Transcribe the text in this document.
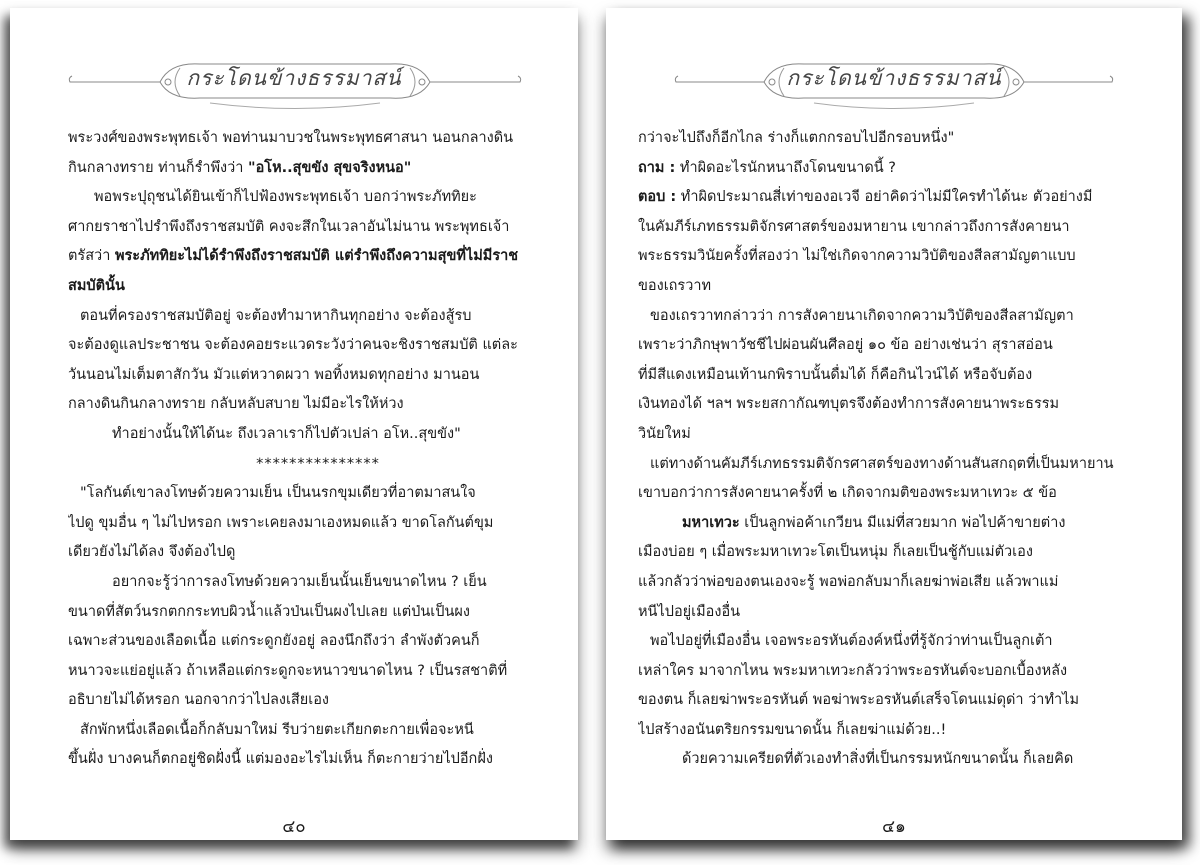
กระโดนข้างธรรมาสน์
พระวงศ์ของพระพุทธเจ้า พอท่านมาบวชในพระพุทธศาสนา นอนกลางดิน
กินกลางทราย ท่านก็รำพึงว่า "อโห..สุขขัง สุขจริงหนอ"
พอพระปุถุชนได้ยินเข้าก็ไปฟ้องพระพุทธเจ้า บอกว่าพระภัททิยะ
ศากยราชาไปรำพึงถึงราชสมบัติ คงจะสึกในเวลาอันไม่นาน พระพุทธเจ้า
ตรัสว่า พระภัททิยะไม่ได้รำพึงถึงราชสมบัติ แต่รำพึงถึงความสุขที่ไม่มีราช
สมบัตินั้น
ตอนที่ครองราชสมบัติอยู่ จะต้องทำมาหากินทุกอย่าง จะต้องสู้รบ
จะต้องดูแลประชาชน จะต้องคอยระแวดระวังว่าคนจะชิงราชสมบัติ แต่ละ
วันนอนไม่เต็มตาสักวัน มัวแต่หวาดผวา พอทิ้งหมดทุกอย่าง มานอน
กลางดินกินกลางทราย กลับหลับสบาย ไม่มีอะไรให้ห่วง
ทำอย่างนั้นให้ได้นะ ถึงเวลาเราก็ไปตัวเปล่า อโห..สุขขัง"
***************
"โลกันต์เขาลงโทษด้วยความเย็น เป็นนรกขุมเดียวที่อาตมาสนใจ
ไปดู ขุมอื่น ๆ ไม่ไปหรอก เพราะเคยลงมาเองหมดแล้ว ขาดโลกันต์ขุม
เดียวยังไม่ได้ลง จึงต้องไปดู
อยากจะรู้ว่าการลงโทษด้วยความเย็นนั้นเย็นขนาดไหน ? เย็น
ขนาดที่สัตว์นรกตกกระทบผิวน้ำแล้วป่นเป็นผงไปเลย แต่ป่นเป็นผง
เฉพาะส่วนของเลือดเนื้อ แต่กระดูกยังอยู่ ลองนึกถึงว่า ลำพังตัวคนก็
หนาวจะแย่อยู่แล้ว ถ้าเหลือแต่กระดูกจะหนาวขนาดไหน ? เป็นรสชาติที่
อธิบายไม่ได้หรอก นอกจากว่าไปลงเสียเอง
สักพักหนึ่งเลือดเนื้อก็กลับมาใหม่ รีบว่ายตะเกียกตะกายเพื่อจะหนี
ขึ้นฝั่ง บางคนก็ตกอยู่ชิดฝั่งนี้ แต่มองอะไรไม่เห็น ก็ตะกายว่ายไปอีกฝั่ง
๔๐
กระโดนข้างธรรมาสน์
กว่าจะไปถึงก็อีกไกล ร่างก็แตกกรอบไปอีกรอบหนึ่ง"
ถาม : ทำผิดอะไรนักหนาถึงโดนขนาดนี้ ?
ตอบ : ทำผิดประมาณสี่เท่าของอเวจี อย่าคิดว่าไม่มีใครทำได้นะ ตัวอย่างมี
ในคัมภีร์เภทธรรมติจักรศาสตร์ของมหายาน เขากล่าวถึงการสังคายนา
พระธรรมวินัยครั้งที่สองว่า ไม่ใช่เกิดจากความวิบัติของสีลสามัญตาแบบ
ของเถรวาท
ของเถรวาทกล่าวว่า การสังคายนาเกิดจากความวิบัติของสีลสามัญตา
เพราะว่าภิกษุพาวัชชีไปผ่อนผันศีลอยู่ ๑๐ ข้อ อย่างเช่นว่า สุราสอ่อน
ที่มีสีแดงเหมือนเท้านกพิราบนั้นดื่มได้ ก็คือกินไวน์ได้ หรือจับต้อง
เงินทองได้ ฯลฯ พระยสกากัณฑบุตรจึงต้องทำการสังคายนาพระธรรม
วินัยใหม่
แต่ทางด้านคัมภีร์เภทธรรมติจักรศาสตร์ของทางด้านสันสกฤตที่เป็นมหายาน
เขาบอกว่าการสังคายนาครั้งที่ ๒ เกิดจากมติของพระมหาเทวะ ๕ ข้อ
มหาเทวะ เป็นลูกพ่อค้าเกวียน มีแม่ที่สวยมาก พ่อไปค้าขายต่าง
เมืองบ่อย ๆ เมื่อพระมหาเทวะโตเป็นหนุ่ม ก็เลยเป็นชู้กับแม่ตัวเอง
แล้วกลัวว่าพ่อของตนเองจะรู้ พอพ่อกลับมาก็เลยฆ่าพ่อเสีย แล้วพาแม่
หนีไปอยู่เมืองอื่น
พอไปอยู่ที่เมืองอื่น เจอพระอรหันต์องค์หนึ่งที่รู้จักว่าท่านเป็นลูกเต้า
เหล่าใคร มาจากไหน พระมหาเทวะกลัวว่าพระอรหันต์จะบอกเบื้องหลัง
ของตน ก็เลยฆ่าพระอรหันต์ พอฆ่าพระอรหันต์เสร็จโดนแม่ดุด่า ว่าทำไม
ไปสร้างอนันตริยกรรมขนาดนั้น ก็เลยฆ่าแม่ด้วย..!
ด้วยความเครียดที่ตัวเองทำสิ่งที่เป็นกรรมหนักขนาดนั้น ก็เลยคิด
๔๑
